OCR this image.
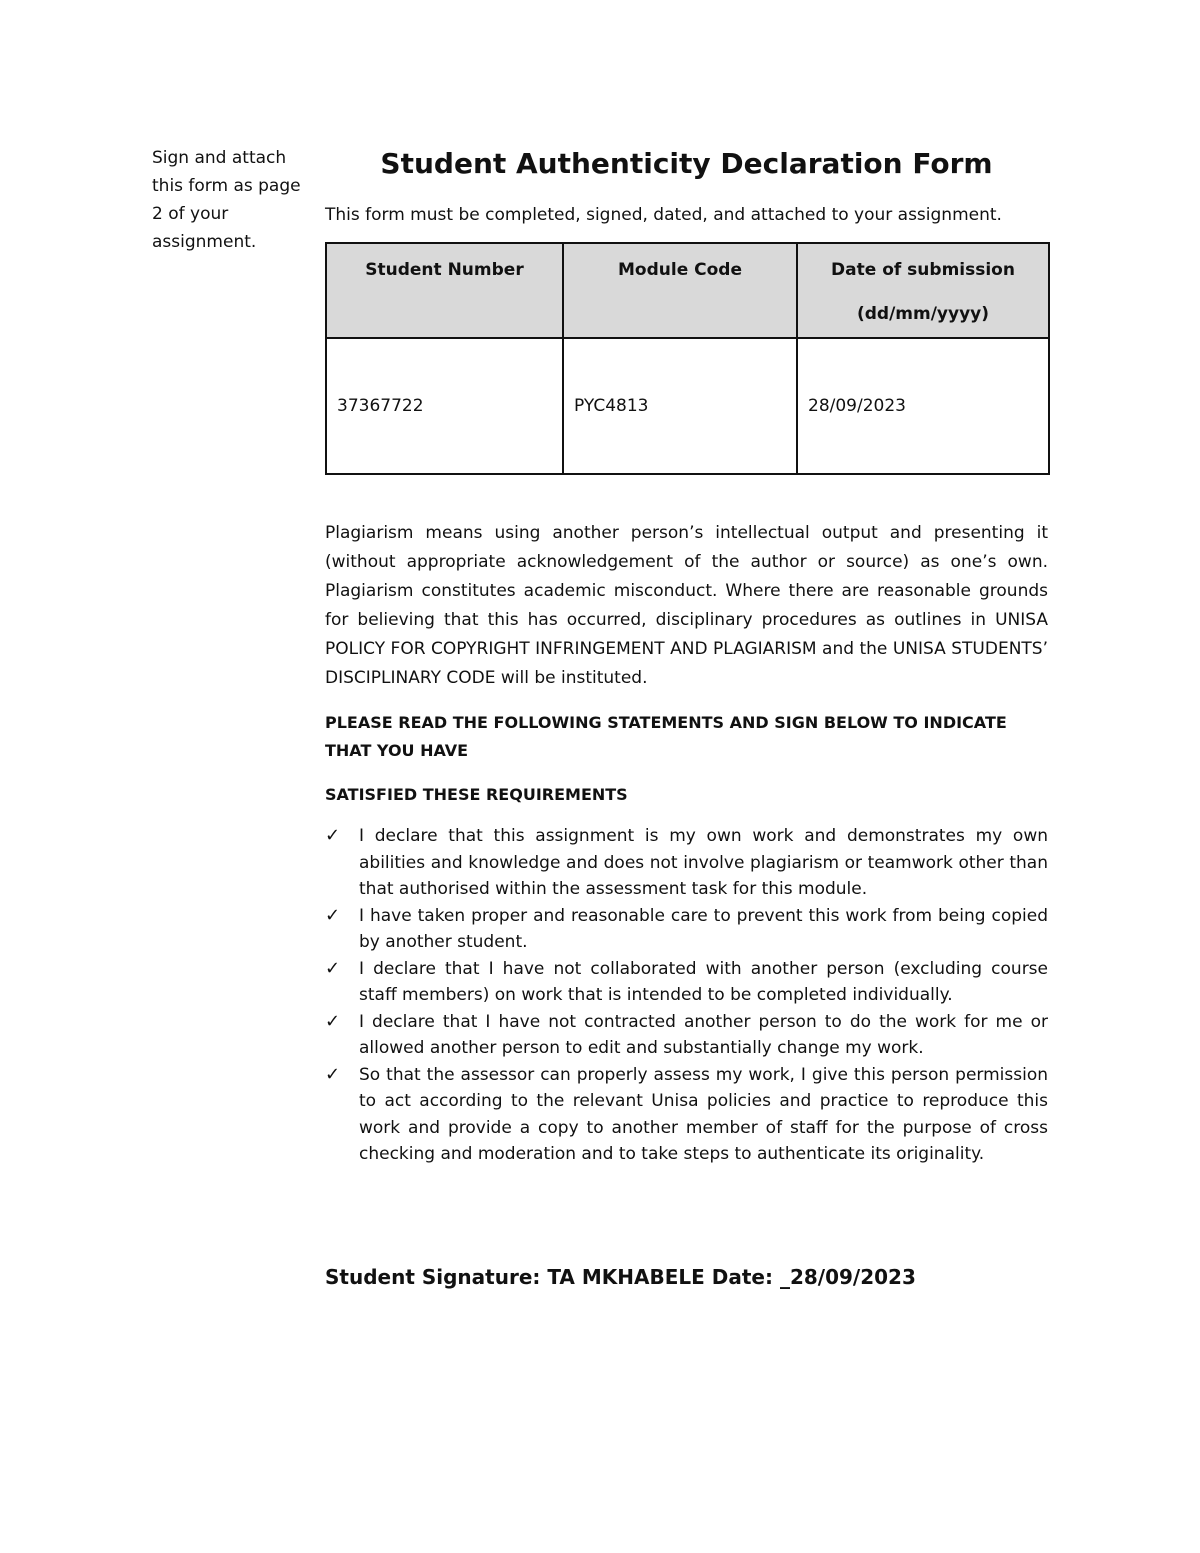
Sign and attach
this form as page
2 of your
assignment.
Student Authenticity Declaration Form
This form must be completed, signed, dated, and attached to your assignment.
Student Number	Module Code	Date of submission
(dd/mm/yyyy)

37367722	PYC4813	28/09/2023
Plagiarism means using another person’s intellectual output and presenting it (without appropriate acknowledgement of the author or source) as one’s own. Plagiarism constitutes academic misconduct. Where there are reasonable grounds for believing that this has occurred, disciplinary procedures as outlines in UNISA POLICY FOR COPYRIGHT INFRINGEMENT AND PLAGIARISM and the UNISA STUDENTS’ DISCIPLINARY CODE will be instituted.
PLEASE READ THE FOLLOWING STATEMENTS AND SIGN BELOW TO INDICATE THAT YOU HAVE
SATISFIED THESE REQUIREMENTS
✓ I declare that this assignment is my own work and demonstrates my own abilities and knowledge and does not involve plagiarism or teamwork other than that authorised within the assessment task for this module.
✓ I have taken proper and reasonable care to prevent this work from being copied by another student.
✓ I declare that I have not collaborated with another person (excluding course staff members) on work that is intended to be completed individually.
✓ I declare that I have not contracted another person to do the work for me or allowed another person to edit and substantially change my work.
✓ So that the assessor can properly assess my work, I give this person permission to act according to the relevant Unisa policies and practice to reproduce this work and provide a copy to another member of staff for the purpose of cross checking and moderation and to take steps to authenticate its originality.
Student Signature: TA MKHABELE Date: _28/09/2023
